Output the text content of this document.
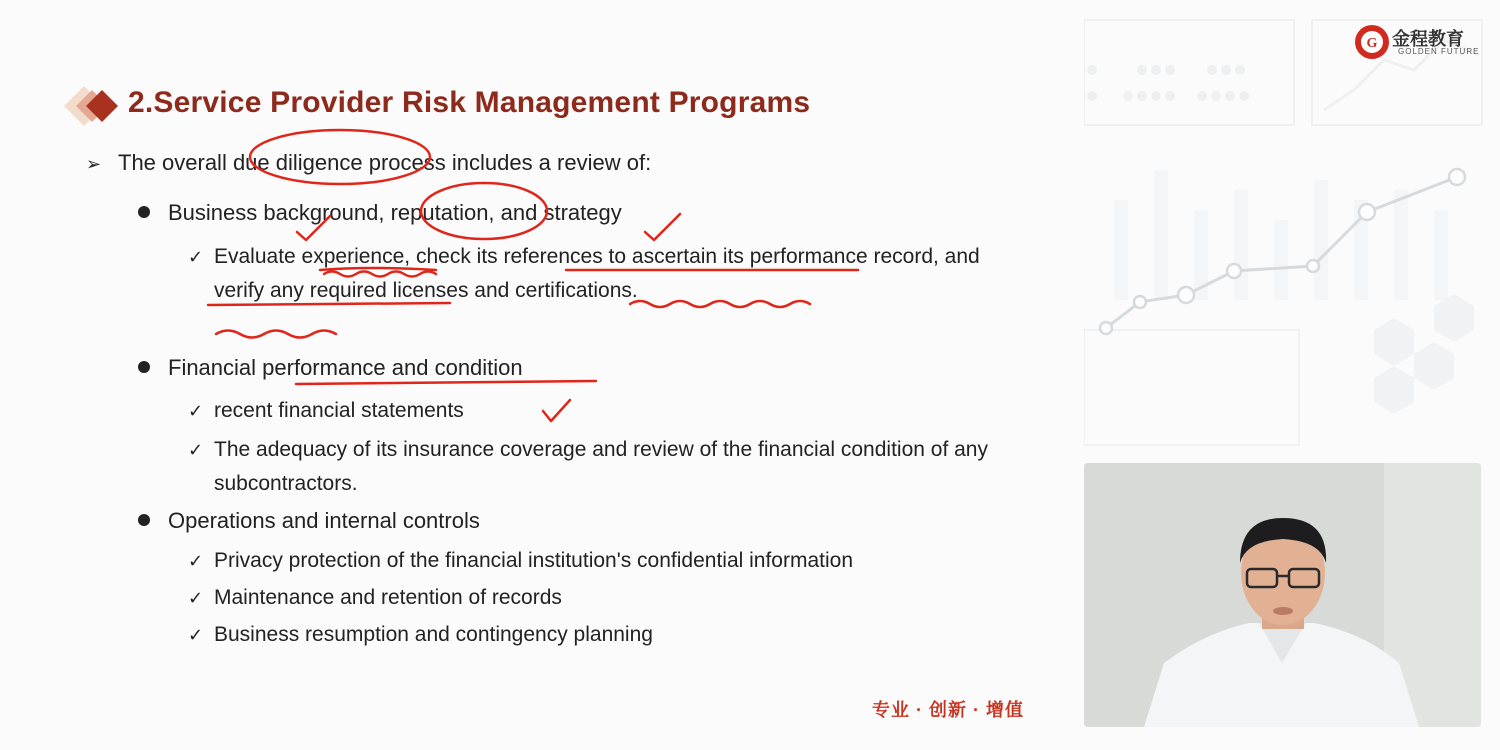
G 金程教育
GOLDEN FUTURE
2.Service Provider Risk Management Programs
➢ The overall due diligence process includes a review of:
Business background, reputation, and strategy
✓ Evaluate experience, check its references to ascertain its performance record, and verify any required licenses and certifications.
Financial performance and condition
✓ recent financial statements
✓ The adequacy of its insurance coverage and review of the financial condition of any subcontractors.
Operations and internal controls
✓ Privacy protection of the financial institution's confidential information
✓ Maintenance and retention of records
✓ Business resumption and contingency planning
专业 · 创新 · 增值
